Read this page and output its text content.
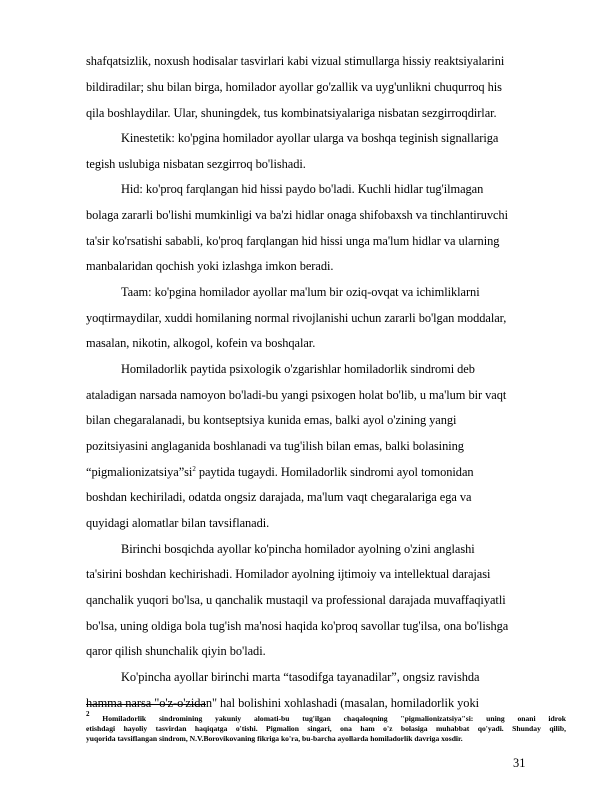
shafqatsizlik, noxush hodisalar tasvirlari kabi vizual stimullarga hissiy reaktsiyalarini
bildiradilar; shu bilan birga, homilador ayollar go'zallik va uyg'unlikni chuqurroq his
qila boshlaydilar. Ular, shuningdek, tus kombinatsiyalariga nisbatan sezgirroqdirlar.
Kinestetik: ko'pgina homilador ayollar ularga va boshqa teginish signallariga
tegish uslubiga nisbatan sezgirroq bo'lishadi.
Hid: ko'proq farqlangan hid hissi paydo bo'ladi. Kuchli hidlar tug'ilmagan
bolaga zararli bo'lishi mumkinligi va ba'zi hidlar onaga shifobaxsh va tinchlantiruvchi
ta'sir ko'rsatishi sababli, ko'proq farqlangan hid hissi unga ma'lum hidlar va ularning
manbalaridan qochish yoki izlashga imkon beradi.
Taam: ko'pgina homilador ayollar ma'lum bir oziq-ovqat va ichimliklarni
yoqtirmaydilar, xuddi homilaning normal rivojlanishi uchun zararli bo'lgan moddalar,
masalan, nikotin, alkogol, kofein va boshqalar.
Homiladorlik paytida psixologik o'zgarishlar homiladorlik sindromi deb
ataladigan narsada namoyon bo'ladi-bu yangi psixogen holat bo'lib, u ma'lum bir vaqt
bilan chegaralanadi, bu kontseptsiya kunida emas, balki ayol o'zining yangi
pozitsiyasini anglaganida boshlanadi va tug'ilish bilan emas, balki bolasining
“$pigmalionizatsiya”si^2$ paytida tugaydi. Homiladorlik sindromi ayol tomonidan
boshdan kechiriladi, odatda ongsiz darajada, ma'lum vaqt chegaralariga ega va
quyidagi alomatlar bilan tavsiflanadi.
Birinchi bosqichda ayollar ko'pincha homilador ayolning o'zini anglashi
ta'sirini boshdan kechirishadi. Homilador ayolning ijtimoiy va intellektual darajasi
qanchalik yuqori bo'lsa, u qanchalik mustaqil va professional darajada muvaffaqiyatli
bo'lsa, uning oldiga bola tug'ish ma'nosi haqida ko'proq savollar tug'ilsa, ona bo'lishga
qaror qilish shunchalik qiyin bo'ladi.
Ko'pincha ayollar birinchi marta “tasodifga tayanadilar”, ongsiz ravishda
hamma narsa "o'z-o'zidan" hal bolishini xohlashadi (masalan, homiladorlik yoki
$^2$ Homiladorlik sindromining yakuniy alomati-bu tug'ilgan chaqaloqning "pigmalionizatsiya"si: uning onani idrok
etishdagi hayoliy tasvirdan haqiqatga o'tishi. Pigmalion singari, ona ham o'z bolasiga muhabbat qo'yadi. Shunday qilib,
yuqorida tavsiflangan sindrom, N.V.Borovikovaning fikriga ko'ra, bu-barcha ayollarda homiladorlik davriga xosdir.
31
